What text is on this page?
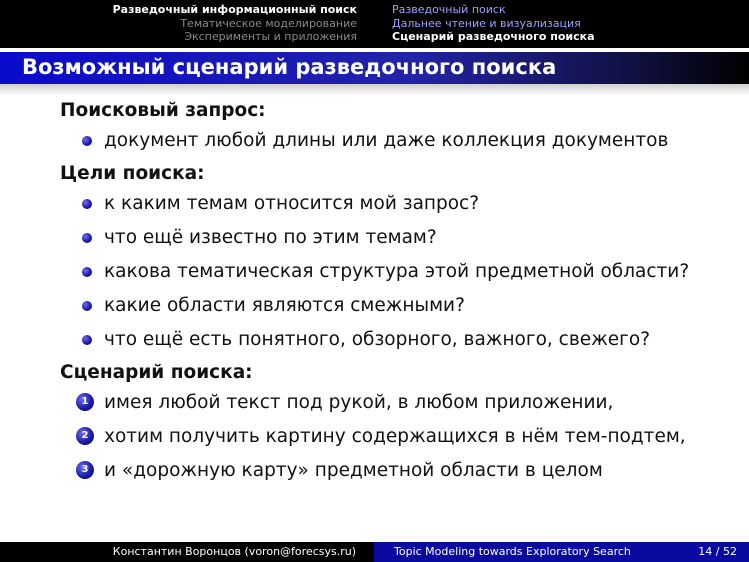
Разведочный информационный поиск
Тематическое моделирование
Эксперименты и приложения
Разведочный поиск
Дальнее чтение и визуализация
Сценарий разведочного поиска
Возможный сценарий разведочного поиска
Поисковый запрос:
документ любой длины или даже коллекция документов
Цели поиска:
к каким темам относится мой запрос?
что ещё известно по этим темам?
какова тематическая структура этой предметной области?
какие области являются смежными?
что ещё есть понятного, обзорного, важного, свежего?
Сценарий поиска:
1 имея любой текст под рукой, в любом приложении,
2 хотим получить картину содержащихся в нём тем-подтем,
3 и «дорожную карту» предметной области в целом
Константин Воронцов (voron@forecsys.ru)	Topic Modeling towards Exploratory Search	14 / 52
